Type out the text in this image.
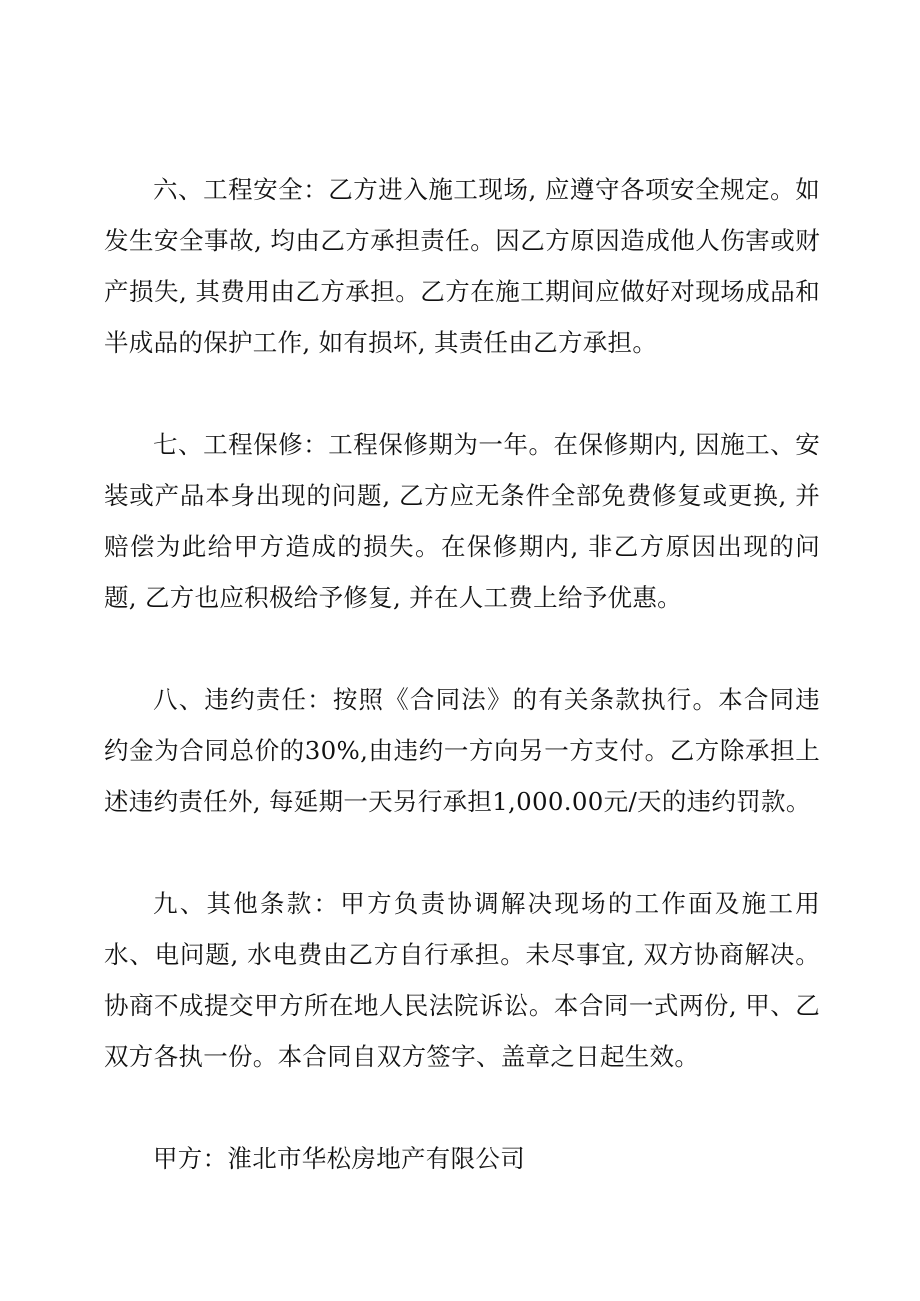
六、工程安全：乙方进入施工现场, 应遵守各项安全规定。如发生安全事故, 均由乙方承担责任。因乙方原因造成他人伤害或财产损失, 其费用由乙方承担。乙方在施工期间应做好对现场成品和半成品的保护工作, 如有损坏, 其责任由乙方承担。

七、工程保修：工程保修期为一年。在保修期内, 因施工、安装或产品本身出现的问题, 乙方应无条件全部免费修复或更换, 并赔偿为此给甲方造成的损失。在保修期内, 非乙方原因出现的问题, 乙方也应积极给予修复, 并在人工费上给予优惠。

八、违约责任：按照《合同法》的有关条款执行。本合同违约金为合同总价的30%,由违约一方向另一方支付。乙方除承担上述违约责任外, 每延期一天另行承担1,000.00元/天的违约罚款。

九、其他条款：甲方负责协调解决现场的工作面及施工用水、电问题, 水电费由乙方自行承担。未尽事宜, 双方协商解决。协商不成提交甲方所在地人民法院诉讼。本合同一式两份, 甲、乙双方各执一份。本合同自双方签字、盖章之日起生效。

甲方：淮北市华松房地产有限公司
